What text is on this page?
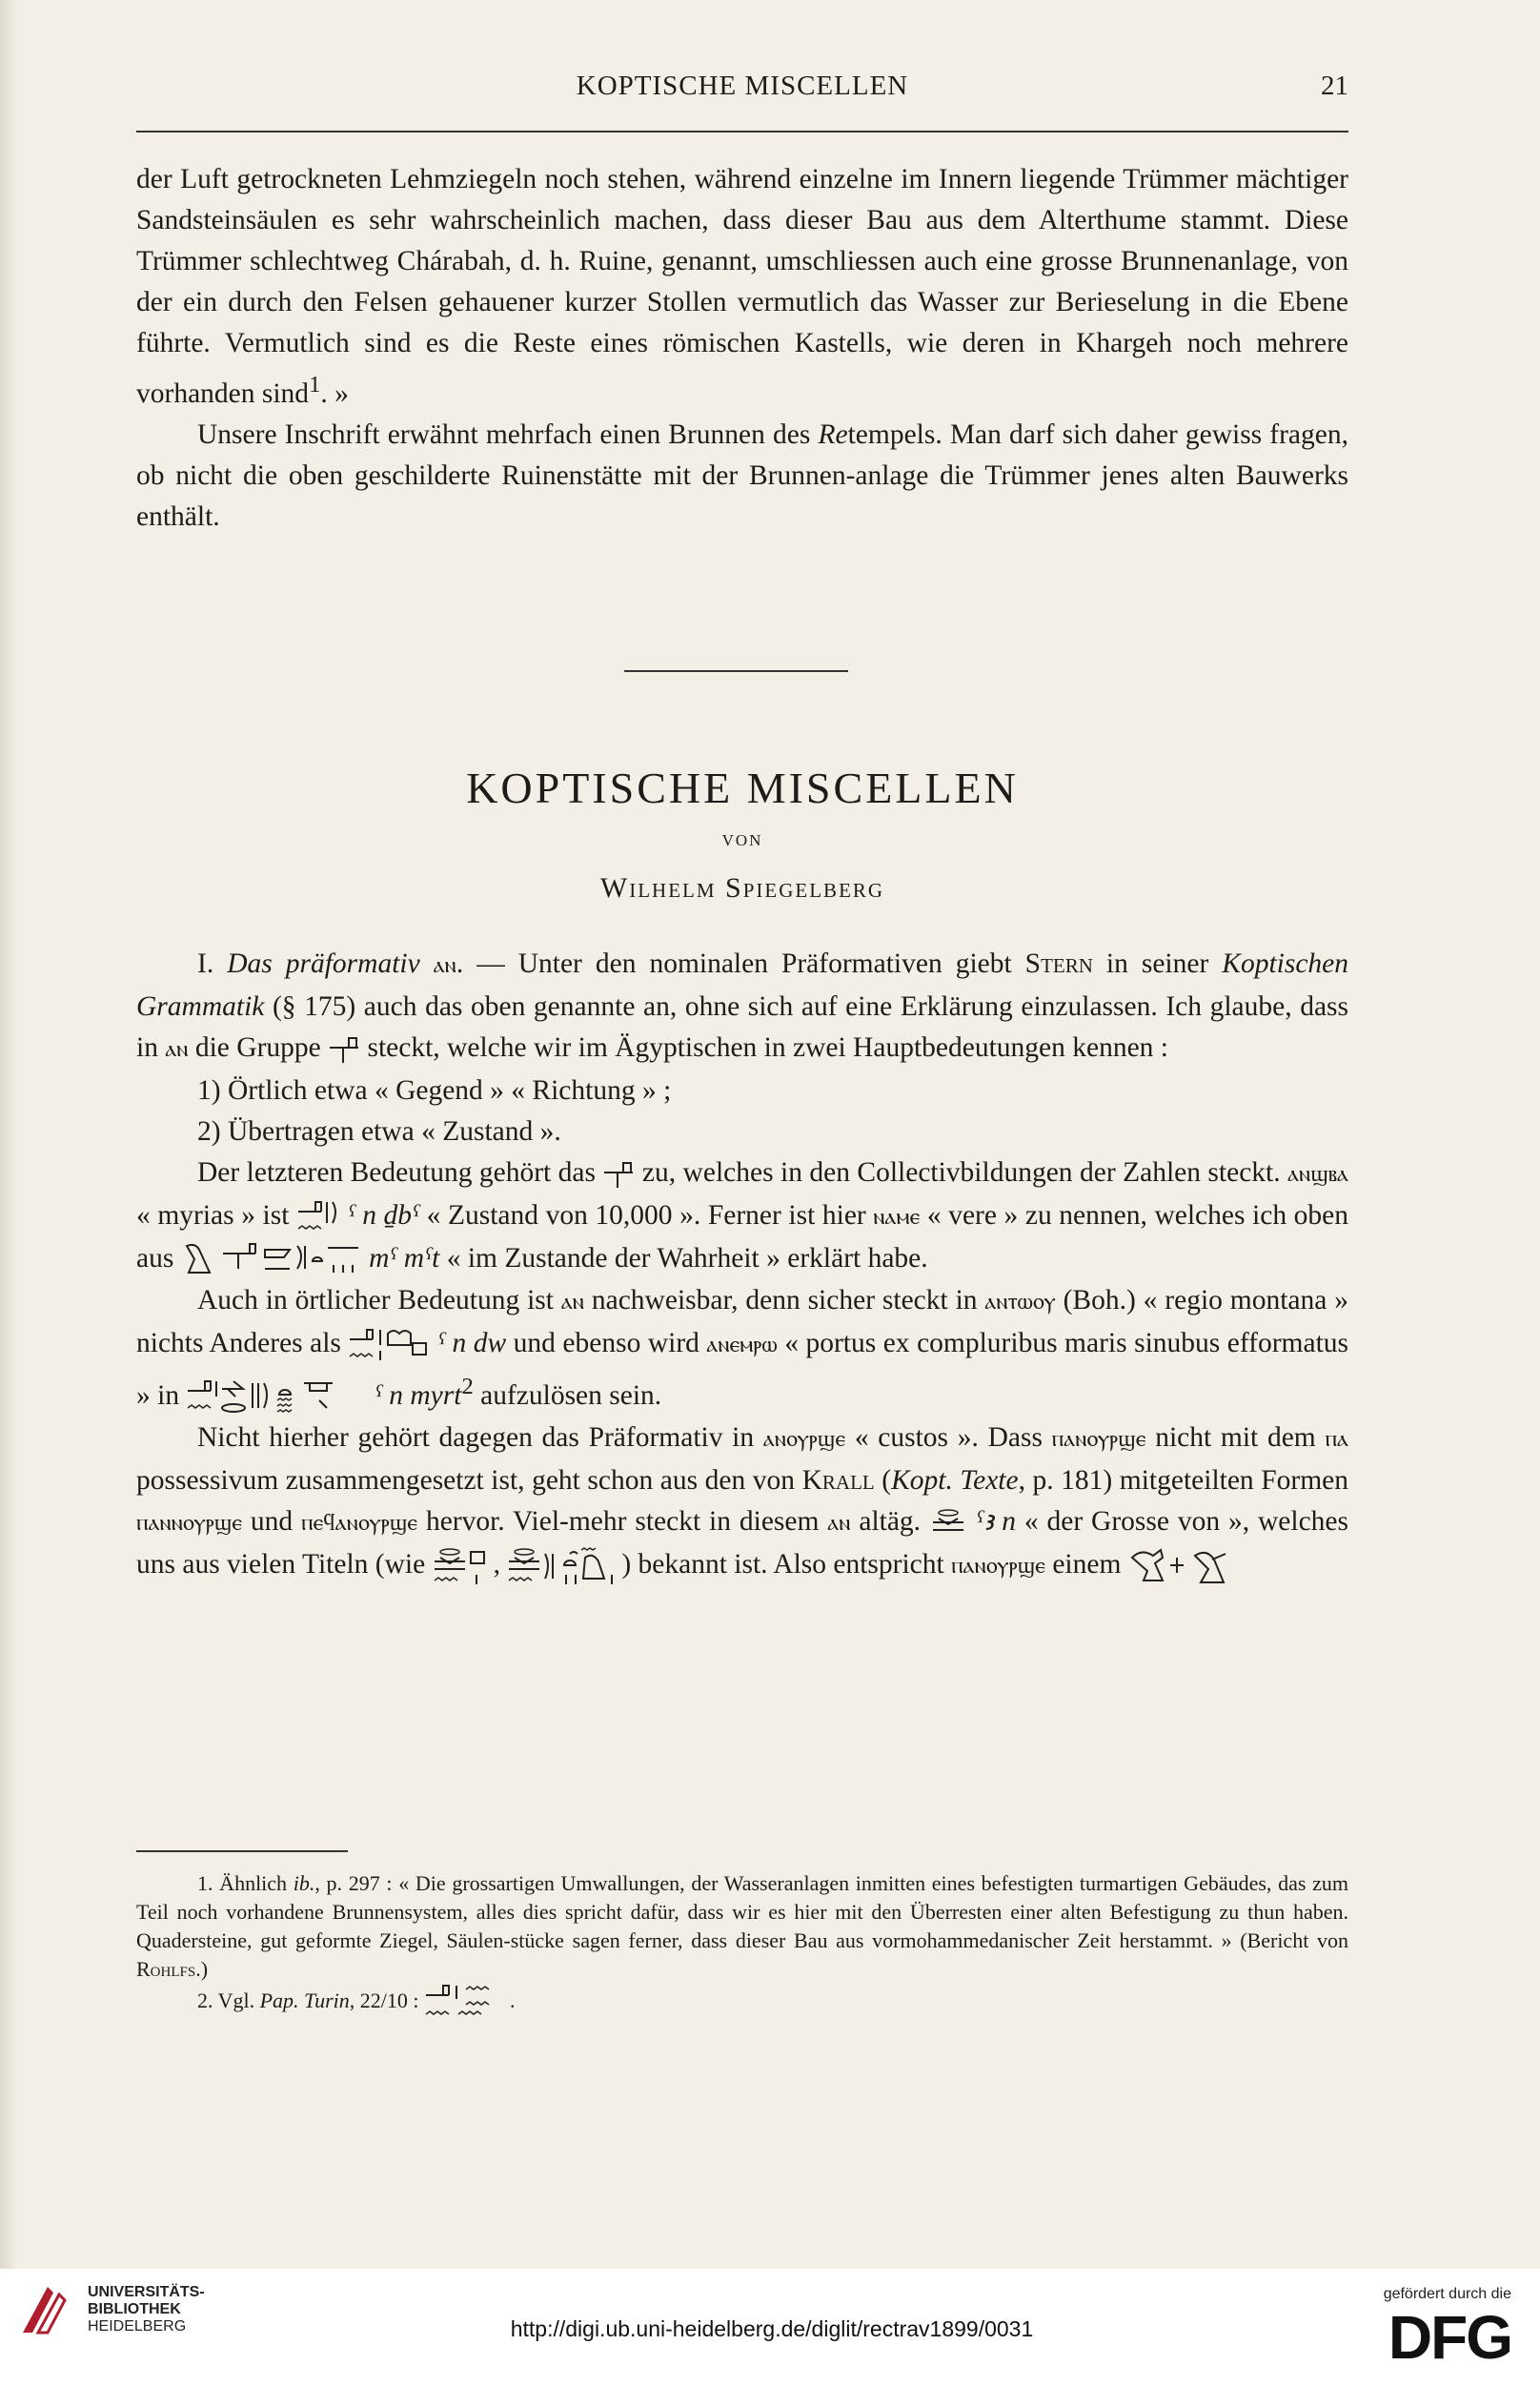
KOPTISCHE MISCELLEN	21

der Luft getrockneten Lehmziegeln noch stehen, während einzelne im Innern liegende Trümmer mächtiger Sandsteinsäulen es sehr wahrscheinlich machen, dass dieser Bau aus dem Alterthume stammt. Diese Trümmer schlechtweg Chárabah, d. h. Ruine, genannt, umschliessen auch eine grosse Brunnenanlage, von der ein durch den Felsen gehauener kurzer Stollen vermutlich das Wasser zur Berieselung in die Ebene führte. Vermutlich sind es die Reste eines römischen Kastells, wie deren in Khargeh noch mehrere vorhanden sind$^1$. »

Unsere Inschrift erwähnt mehrfach einen Brunnen des Retempels. Man darf sich daher gewiss fragen, ob nicht die oben geschilderte Ruinenstätte mit der Brunnen-anlage die Trümmer jenes alten Bauwerks enthält.

KOPTISCHE MISCELLEN
VON
Wilhelm Spiegelberg

I. Das präformativ ⲁⲛ. — Unter den nominalen Präformativen giebt Stern in seiner Koptischen Grammatik (§ 175) auch das oben genannte an, ohne sich auf eine Erklärung einzulassen. Ich glaube, dass in ⲁⲛ die Gruppe
steckt, welche wir im Ägyptischen in zwei Hauptbedeutungen kennen :

1) Örtlich etwa « Gegend » « Richtung » ;

2) Übertragen etwa « Zustand ».

Der letzteren Bedeutung gehört das
zu, welches in den Collectivbildungen der Zahlen steckt. ⲁⲛϣⲃⲁ « myrias » ist
ˁ n ḏbˁ « Zustand von 10,000 ». Ferner ist hier ⲛⲁⲙⲉ « vere » zu nennen, welches ich oben aus	mˁ mˁt « im Zustande der Wahrheit » erklärt habe.

Auch in örtlicher Bedeutung ist ⲁⲛ nachweisbar, denn sicher steckt in ⲁⲛⲧⲱⲟⲩ (Boh.) « regio montana » nichts Anderes als	ˁ n dw und ebenso wird ⲁⲛⲉⲙⲣⲱ « portus ex compluribus maris sinubus efformatus » in	ˁ n myrt$^2$ aufzulösen sein.

Nicht hierher gehört dagegen das Präformativ in ⲁⲛⲟⲩⲣϣⲉ « custos ». Dass ⲡⲁⲛⲟⲩⲣϣⲉ nicht mit dem ⲡⲁ possessivum zusammengesetzt ist, geht schon aus den von Krall (Kopt. Texte, p. 181) mitgeteilten Formen ⲡⲁⲛⲛⲟⲩⲣϣⲉ und ⲡⲉϥⲁⲛⲟⲩⲣϣⲉ hervor. Viel-mehr steckt in diesem ⲁⲛ altäg.
ˁꜣ n « der Grosse von », welches uns aus vielen Titeln (wie
,	) bekannt ist. Also entspricht ⲡⲁⲛⲟⲩⲣϣⲉ einem

1. Ähnlich ib., p. 297 : « Die grossartigen Umwallungen, der Wasseranlagen inmitten eines befestigten turmartigen Gebäudes, das zum Teil noch vorhandene Brunnensystem, alles dies spricht dafür, dass wir es hier mit den Überresten einer alten Befestigung zu thun haben. Quadersteine, gut geformte Ziegel, Säulen-stücke sagen ferner, dass dieser Bau aus vormohammedanischer Zeit herstammt. » (Bericht von Rohlfs.)

2. Vgl. Pap. Turin, 22/10 :	.

UNIVERSITÄTS-
BIBLIOTHEK
HEIDELBERG	http://digi.ub.uni-heidelberg.de/diglit/rectrav1899/0031
gefördert durch die
DFG
